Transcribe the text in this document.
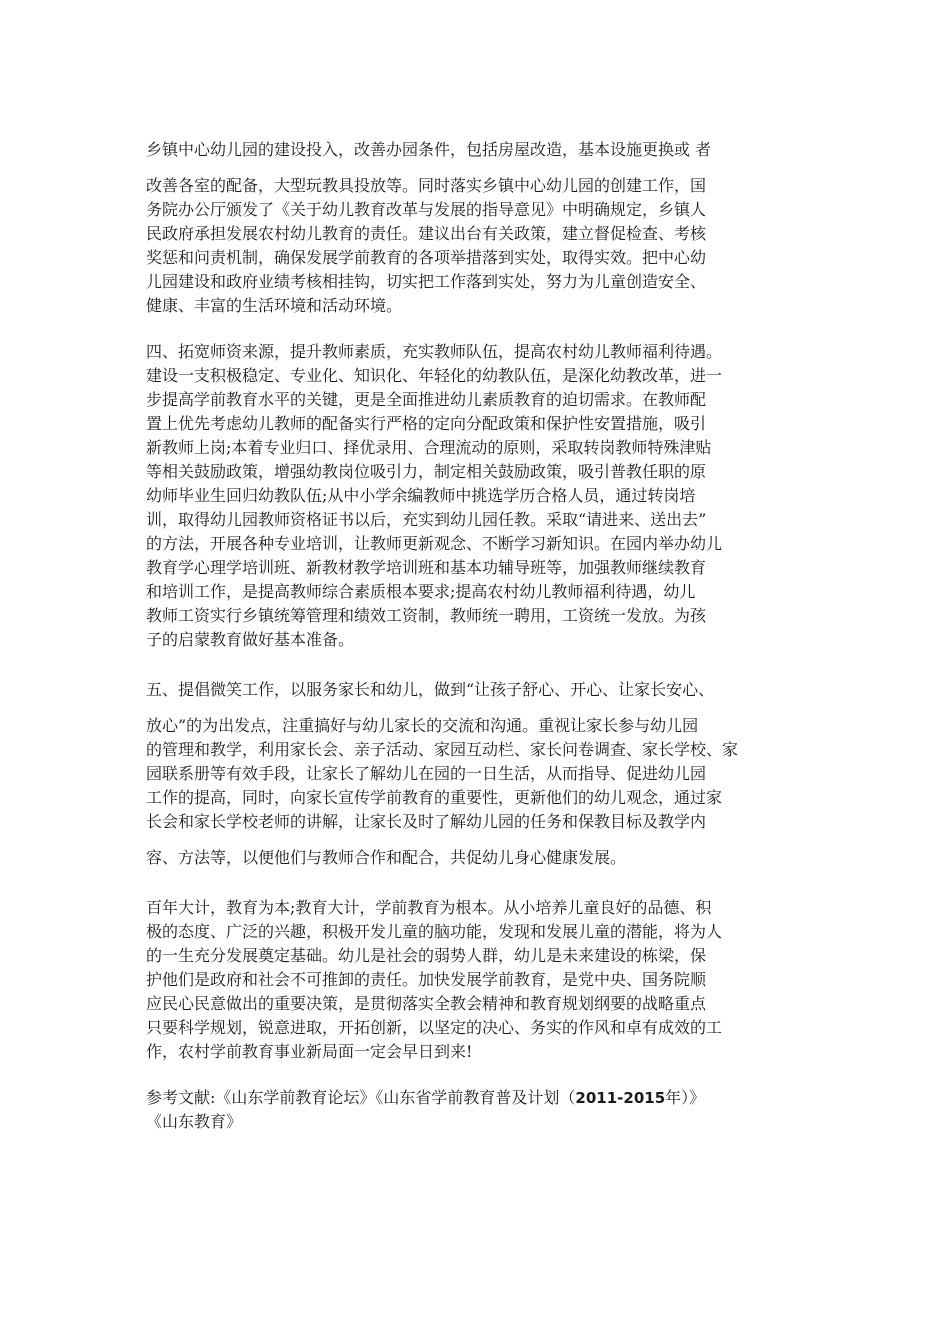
乡镇中心幼儿园的建设投入，改善办园条件，包括房屋改造，基本设施更换或 者
改善各室的配备，大型玩教具投放等。同时落实乡镇中心幼儿园的创建工作，国
务院办公厅颁发了《关于幼儿教育改革与发展的指导意见》中明确规定，乡镇人
民政府承担发展农村幼儿教育的责任。建议出台有关政策，建立督促检查、考核
奖惩和问责机制，确保发展学前教育的各项举措落到实处，取得实效。把中心幼
儿园建设和政府业绩考核相挂钩，切实把工作落到实处，努力为儿童创造安全、
健康、丰富的生活环境和活动环境。
四、拓宽师资来源，提升教师素质，充实教师队伍，提高农村幼儿教师福利待遇。
建设一支积极稳定、专业化、知识化、年轻化的幼教队伍，是深化幼教改革，进一
步提高学前教育水平的关键，更是全面推进幼儿素质教育的迫切需求。在教师配
置上优先考虑幼儿教师的配备实行严格的定向分配政策和保护性安置措施，吸引
新教师上岗;本着专业归口、择优录用、合理流动的原则，采取转岗教师特殊津贴
等相关鼓励政策，增强幼教岗位吸引力，制定相关鼓励政策，吸引普教任职的原
幼师毕业生回归幼教队伍;从中小学余编教师中挑选学历合格人员，通过转岗培
训，取得幼儿园教师资格证书以后，充实到幼儿园任教。采取“请进来、送出去”
的方法，开展各种专业培训，让教师更新观念、不断学习新知识。在园内举办幼儿
教育学心理学培训班、新教材教学培训班和基本功辅导班等，加强教师继续教育
和培训工作，是提高教师综合素质根本要求;提高农村幼儿教师福利待遇，幼儿
教师工资实行乡镇统筹管理和绩效工资制，教师统一聘用，工资统一发放。为孩
子的启蒙教育做好基本准备。
五、提倡微笑工作，以服务家长和幼儿，做到“让孩子舒心、开心、让家长安心、
放心”的为出发点，注重搞好与幼儿家长的交流和沟通。重视让家长参与幼儿园
的管理和教学，利用家长会、亲子活动、家园互动栏、家长问卷调查、家长学校、家
园联系册等有效手段，让家长了解幼儿在园的一日生活，从而指导、促进幼儿园
工作的提高，同时，向家长宣传学前教育的重要性，更新他们的幼儿观念，通过家
长会和家长学校老师的讲解，让家长及时了解幼儿园的任务和保教目标及教学内
容、方法等，以便他们与教师合作和配合，共促幼儿身心健康发展。
百年大计，教育为本;教育大计，学前教育为根本。从小培养儿童良好的品德、积
极的态度、广泛的兴趣，积极开发儿童的脑功能，发现和发展儿童的潜能，将为人
的一生充分发展奠定基础。幼儿是社会的弱势人群，幼儿是未来建设的栋梁，保
护他们是政府和社会不可推卸的责任。加快发展学前教育，是党中央、国务院顺
应民心民意做出的重要决策，是贯彻落实全教会精神和教育规划纲要的战略重点
只要科学规划，锐意进取，开拓创新，以坚定的决心、务实的作风和卓有成效的工
作，农村学前教育事业新局面一定会早日到来!
参考文献:《山东学前教育论坛》《山东省学前教育普及计划（2011-2015年）》
《山东教育》
